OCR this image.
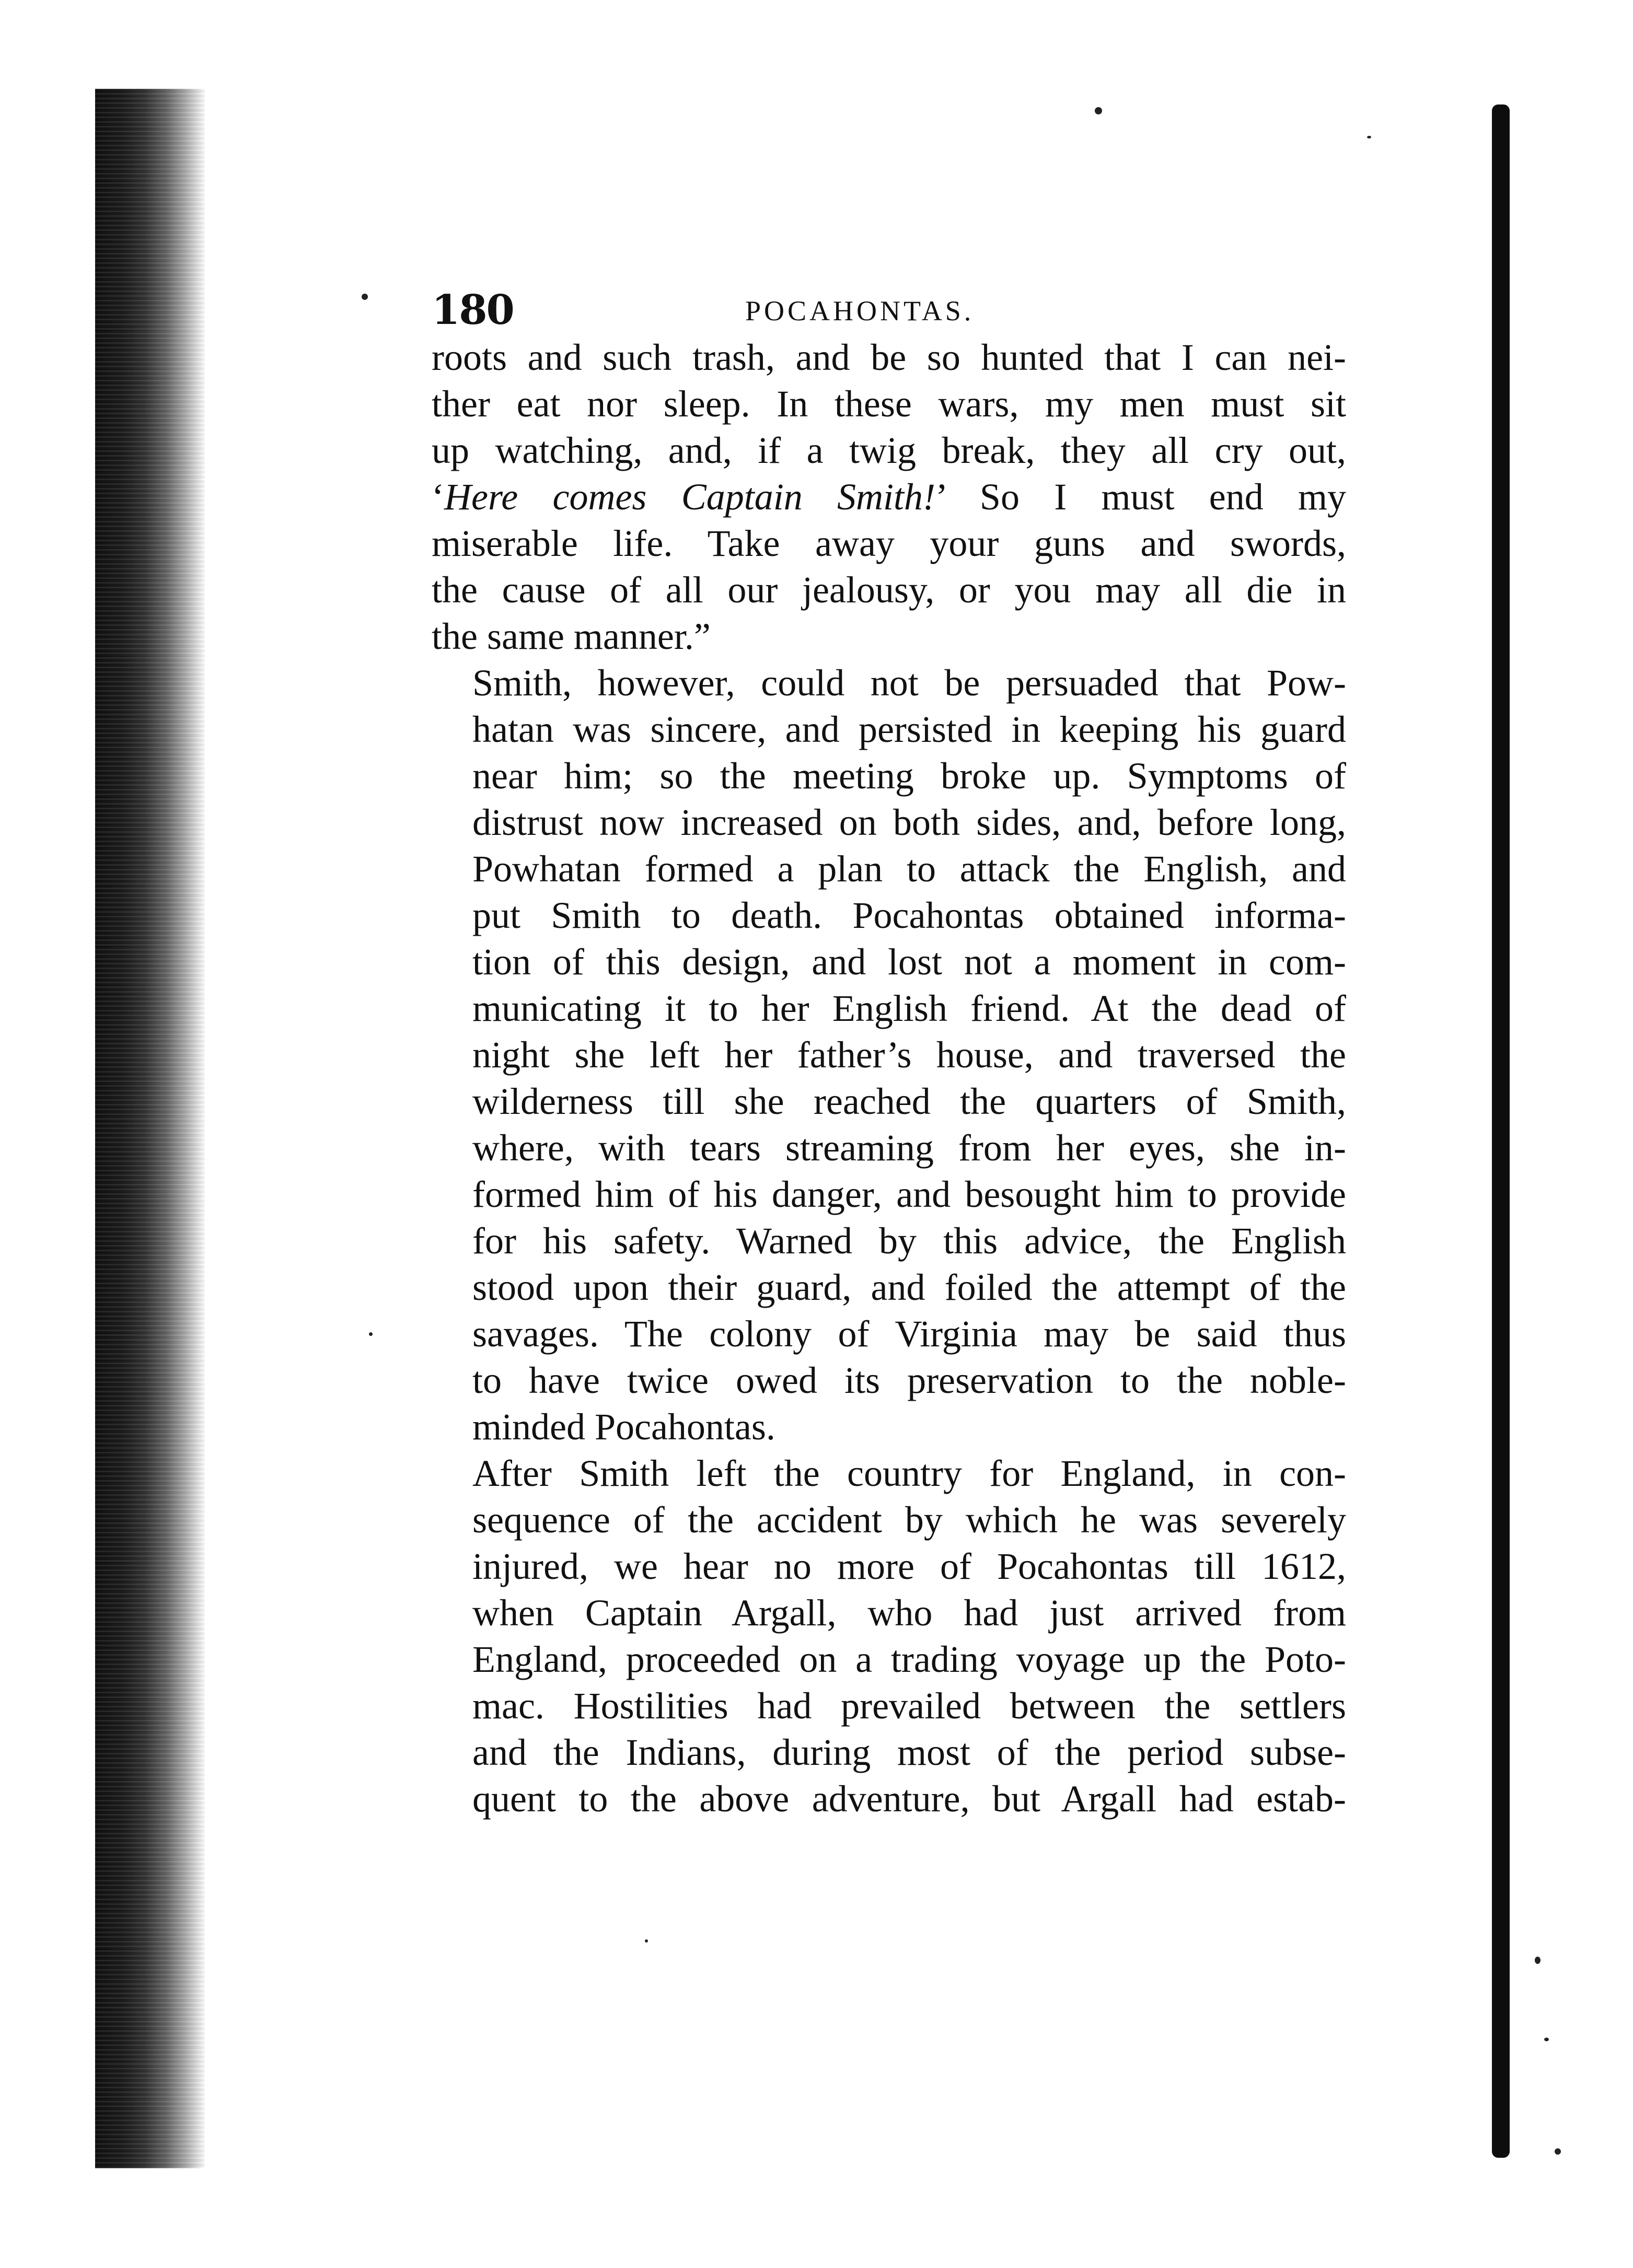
180	POCAHONTAS.
roots and such trash, and be so hunted that I can nei-
ther eat nor sleep. In these wars, my men must sit
up watching, and, if a twig break, they all cry out,
‘Here comes Captain Smith!’ So I must end my
miserable life. Take away your guns and swords,
the cause of all our jealousy, or you may all die in
the same manner.”
Smith, however, could not be persuaded that Pow-
hatan was sincere, and persisted in keeping his guard
near him; so the meeting broke up. Symptoms of
distrust now increased on both sides, and, before long,
Powhatan formed a plan to attack the English, and
put Smith to death. Pocahontas obtained informa-
tion of this design, and lost not a moment in com-
municating it to her English friend. At the dead of
night she left her father’s house, and traversed the
wilderness till she reached the quarters of Smith,
where, with tears streaming from her eyes, she in-
formed him of his danger, and besought him to provide
for his safety. Warned by this advice, the English
stood upon their guard, and foiled the attempt of the
savages. The colony of Virginia may be said thus
to have twice owed its preservation to the noble-
minded Pocahontas.
After Smith left the country for England, in con-
sequence of the accident by which he was severely
injured, we hear no more of Pocahontas till 1612,
when Captain Argall, who had just arrived from
England, proceeded on a trading voyage up the Poto-
mac. Hostilities had prevailed between the settlers
and the Indians, during most of the period subse-
quent to the above adventure, but Argall had estab-
